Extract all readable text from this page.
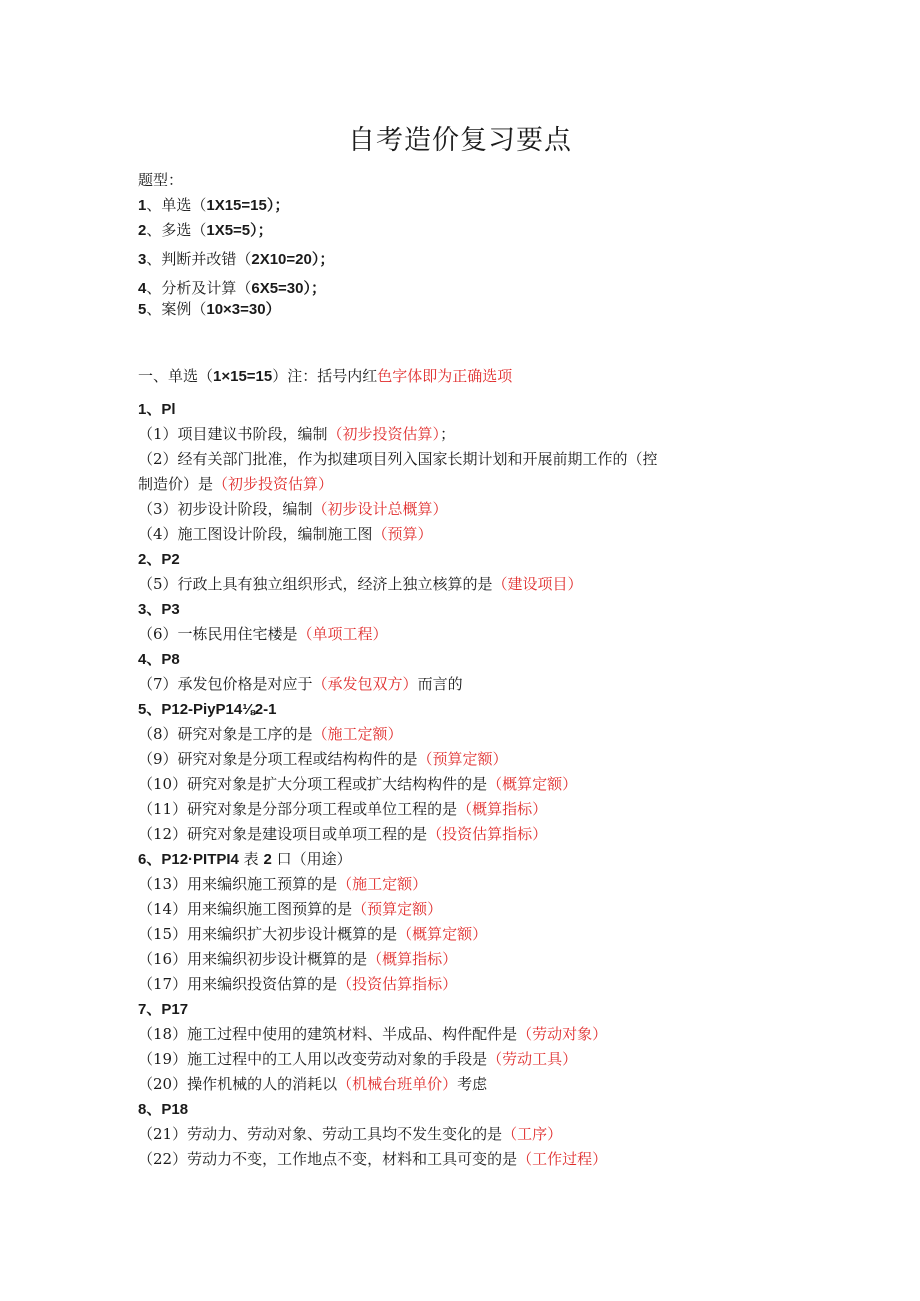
自考造价复习要点
题型：
1、单选（1X15=15）；
2、多选（1X5=5）；
3、判断并改错（2X10=20）；
4、分析及计算（6X5=30）；
5、案例（10×3=30）
一、单选（1×15=15）注：括号内红色字体即为正确选项
1、Pl
（1）项目建议书阶段，编制（初步投资估算）；
（2）经有关部门批准，作为拟建项目列入国家长期计划和开展前期工作的（控
制造价）是（初步投资估算）
（3）初步设计阶段，编制（初步设计总概算）
（4）施工图设计阶段，编制施工图（预算）
2、P2
（5）行政上具有独立组织形式，经济上独立核算的是（建设项目）
3、P3
（6）一栋民用住宅楼是（单项工程）
4、P8
（7）承发包价格是对应于（承发包双方）而言的
5、P12-PiyP14⅛2-1
（8）研究对象是工序的是（施工定额）
（9）研究对象是分项工程或结构构件的是（预算定额）
（10）研究对象是扩大分项工程或扩大结构构件的是（概算定额）
（11）研究对象是分部分项工程或单位工程的是（概算指标）
（12）研究对象是建设项目或单项工程的是（投资估算指标）
6、P12·PITPI4 表 2 口（用途）
（13）用来编织施工预算的是（施工定额）
（14）用来编织施工图预算的是（预算定额）
（15）用来编织扩大初步设计概算的是（概算定额）
（16）用来编织初步设计概算的是（概算指标）
（17）用来编织投资估算的是（投资估算指标）
7、P17
（18）施工过程中使用的建筑材料、半成品、构件配件是（劳动对象）
（19）施工过程中的工人用以改变劳动对象的手段是（劳动工具）
（20）操作机械的人的消耗以（机械台班单价）考虑
8、P18
（21）劳动力、劳动对象、劳动工具均不发生变化的是（工序）
（22）劳动力不变，工作地点不变，材料和工具可变的是（工作过程）
